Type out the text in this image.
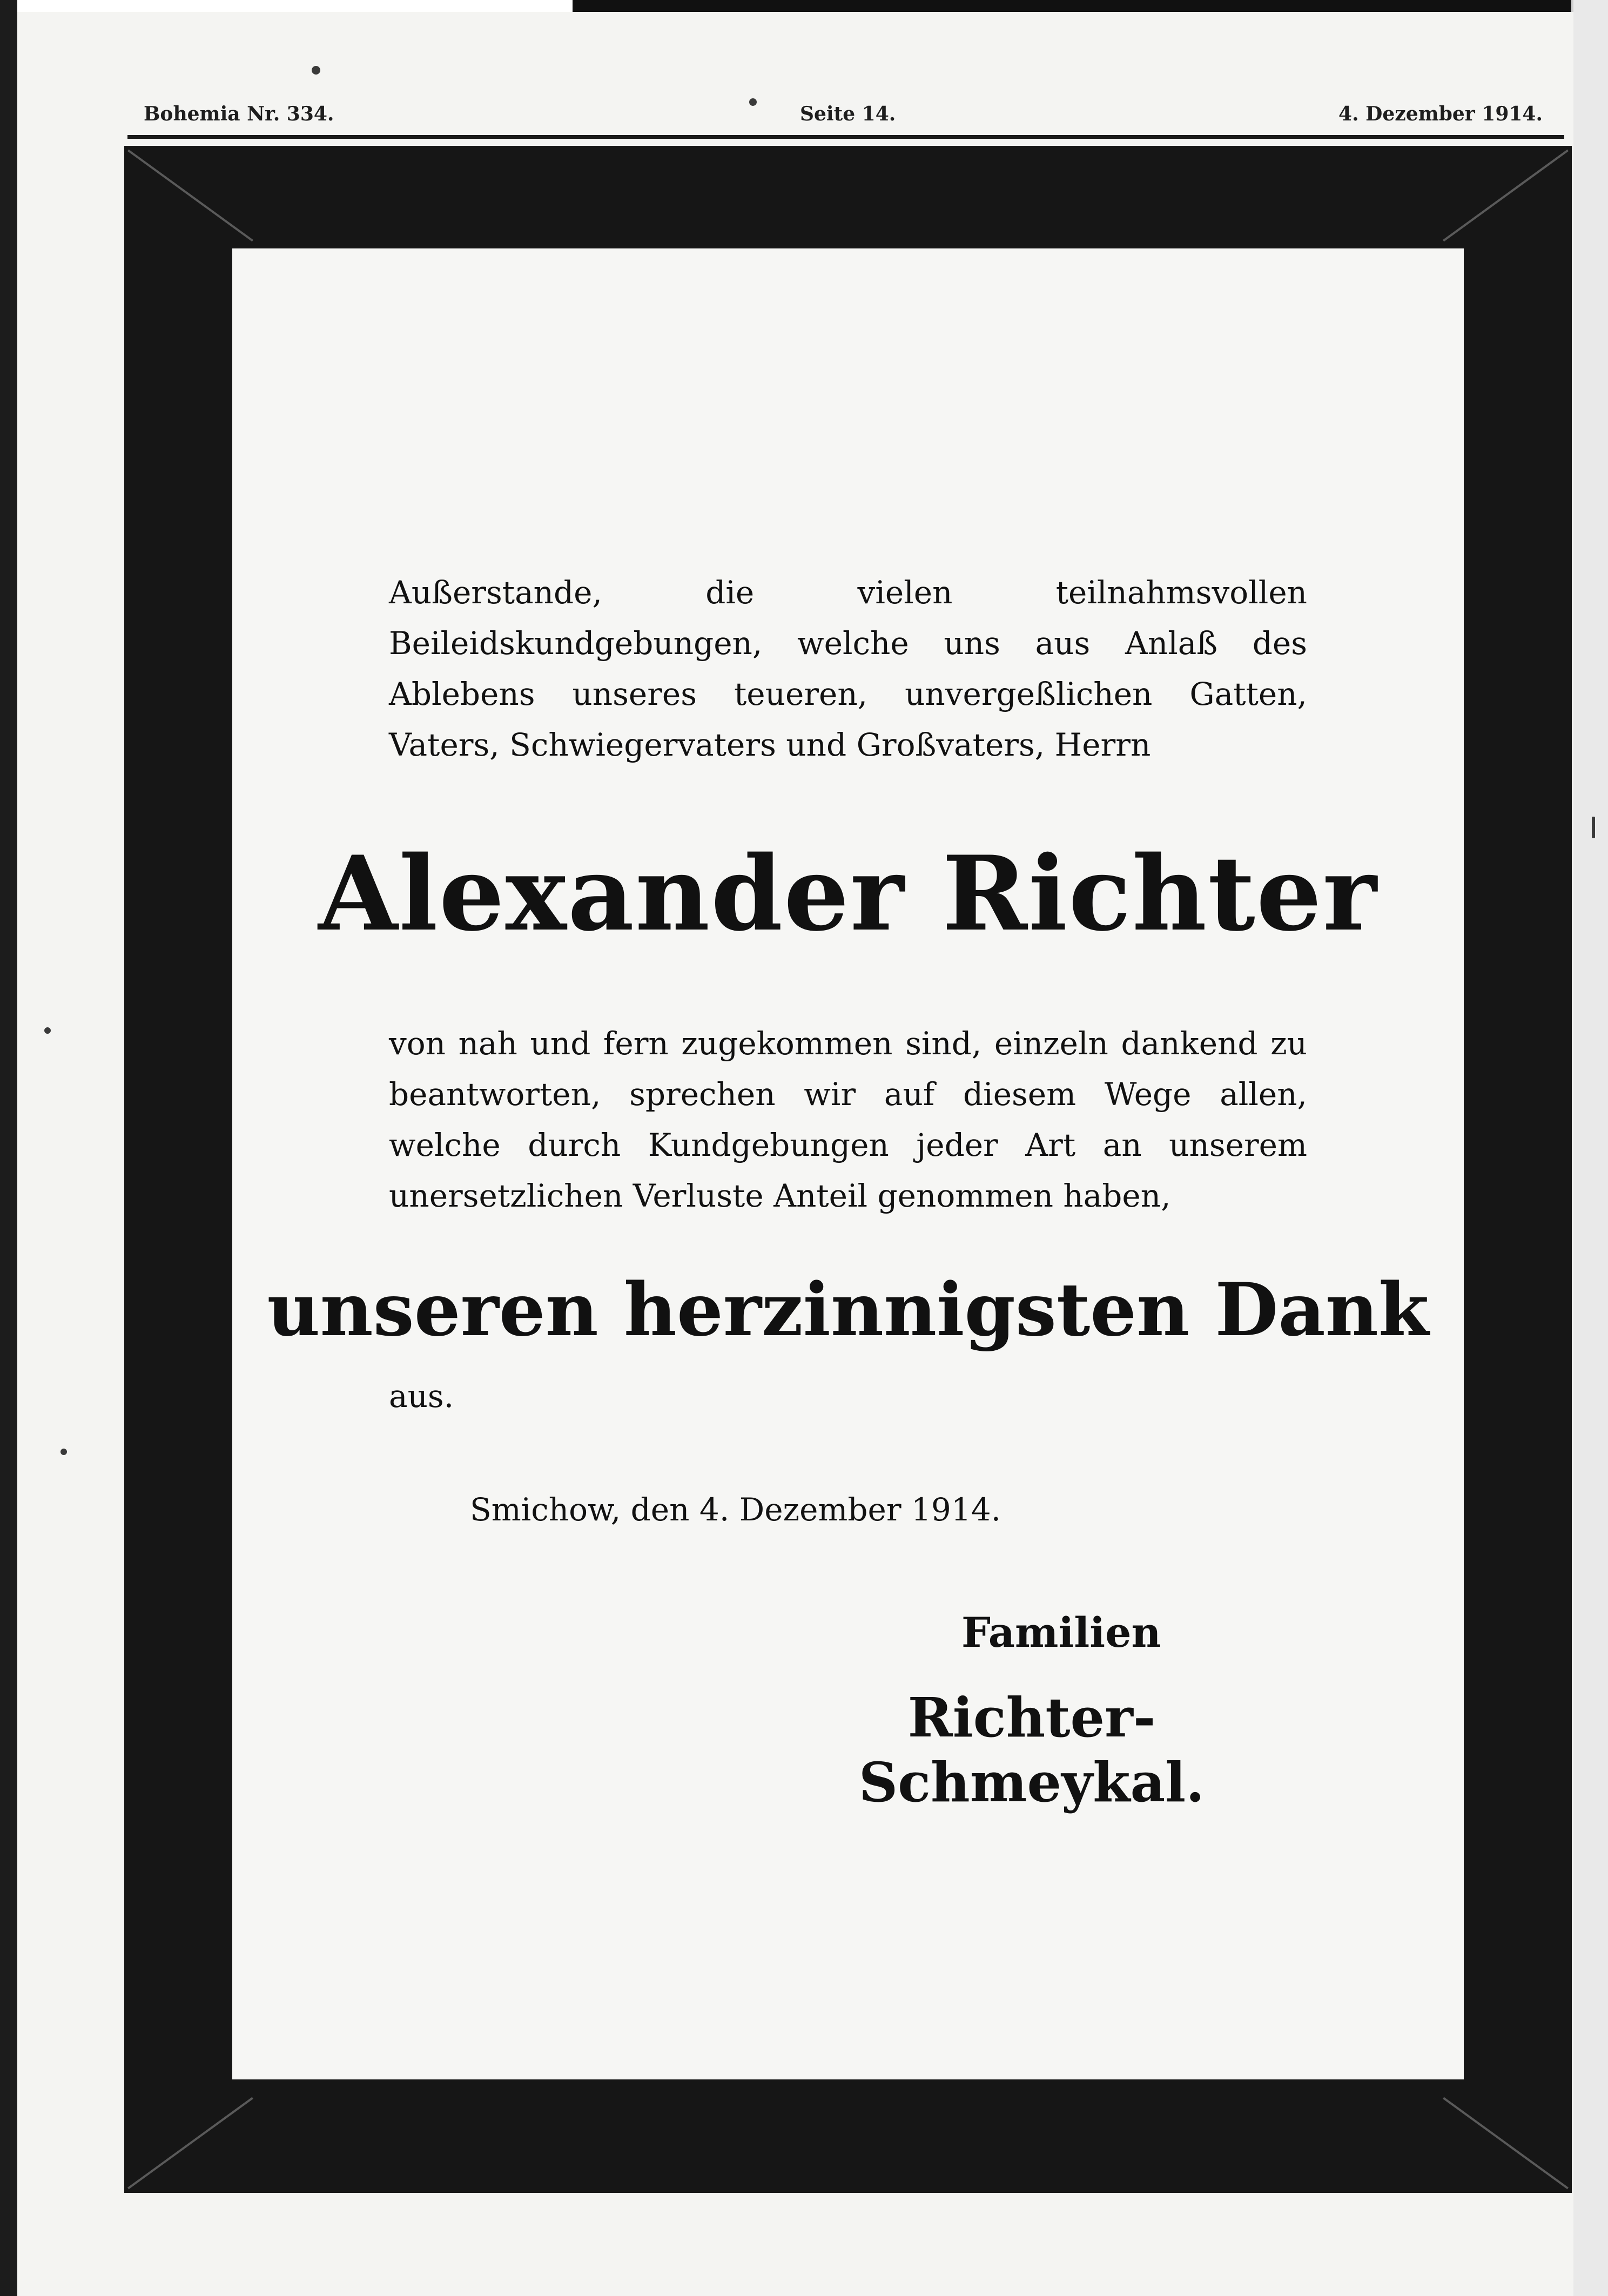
Bohemia Nr. 334.	Seite 14.	4. Dezember 1914.
Außerstande, die vielen teilnahmsvollen Beileidskundgebungen, welche uns aus Anlaß des Ablebens unseres teueren, unvergeßlichen Gatten, Vaters, Schwiegervaters und Großvaters, Herrn
Alexander Richter
von nah und fern zugekommen sind, einzeln dankend zu beantworten, sprechen wir auf diesem Wege allen, welche durch Kundgebungen jeder Art an unserem unersetzlichen Verluste Anteil genommen haben,
unseren herzinnigsten Dank
aus.
Smichow, den 4. Dezember 1914.
Familien
Richter-Schmeykal.
